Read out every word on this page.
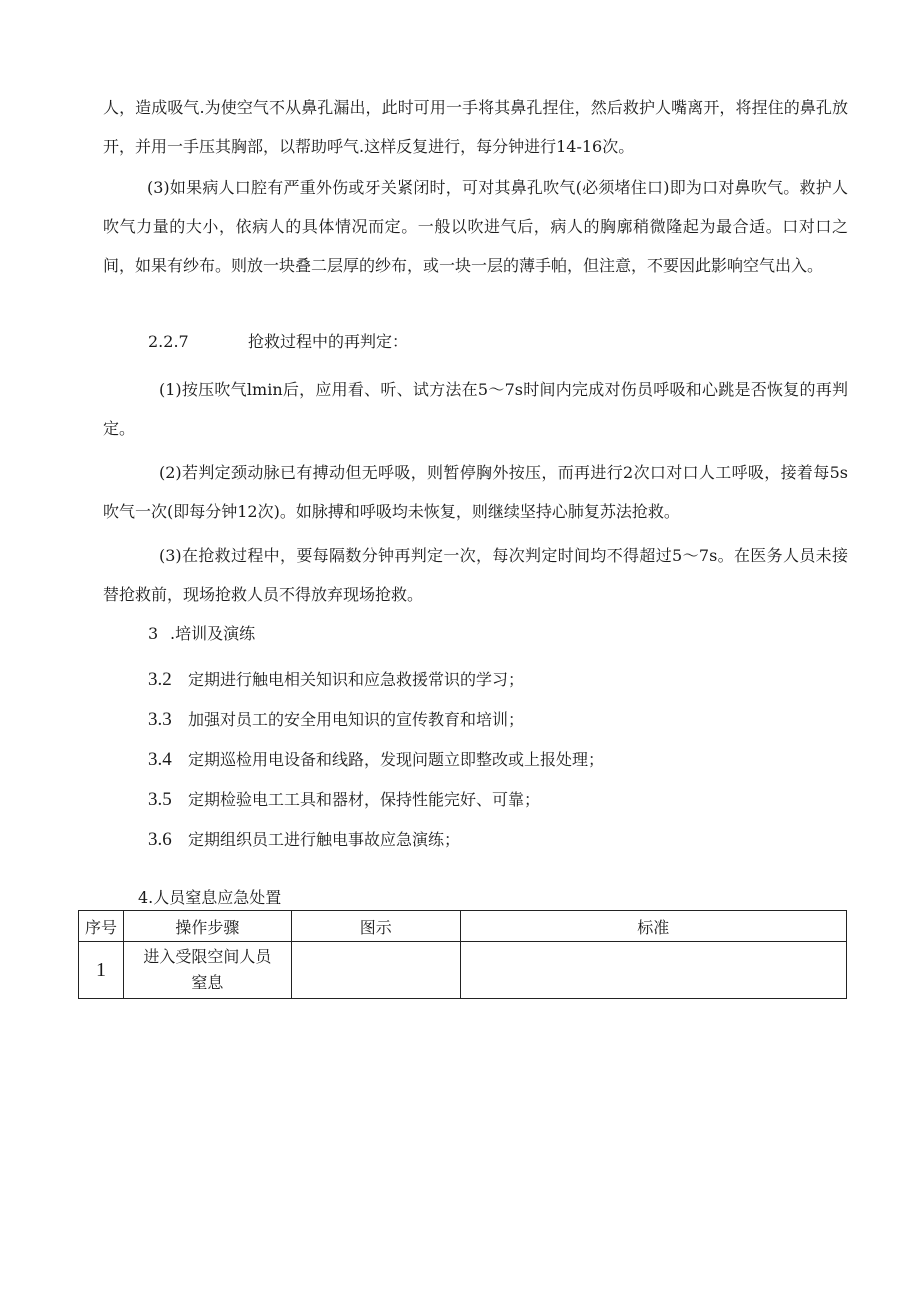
人，造成吸气.为使空气不从鼻孔漏出，此时可用一手将其鼻孔捏住，然后救护人嘴离开，将捏住的鼻孔放开，并用一手压其胸部，以帮助呼气.这样反复进行，每分钟进行14-16次。

(3)如果病人口腔有严重外伤或牙关紧闭时，可对其鼻孔吹气(必须堵住口)即为口对鼻吹气。救护人吹气力量的大小，依病人的具体情况而定。一般以吹进气后，病人的胸廓稍微隆起为最合适。口对口之间，如果有纱布。则放一块叠二层厚的纱布，或一块一层的薄手帕，但注意，不要因此影响空气出入。

2.2.7	抢救过程中的再判定：

(1)按压吹气lmin后，应用看、听、试方法在5～7s时间内完成对伤员呼吸和心跳是否恢复的再判定。

(2)若判定颈动脉已有搏动但无呼吸，则暂停胸外按压，而再进行2次口对口人工呼吸，接着每5s吹气一次(即每分钟12次)。如脉搏和呼吸均未恢复，则继续坚持心肺复苏法抢救。

(3)在抢救过程中，要每隔数分钟再判定一次，每次判定时间均不得超过5～7s。在医务人员未接替抢救前，现场抢救人员不得放弃现场抢救。

3 .培训及演练
3.2 定期进行触电相关知识和应急救援常识的学习；
3.3 加强对员工的安全用电知识的宣传教育和培训；
3.4 定期巡检用电设备和线路，发现问题立即整改或上报处理；
3.5 定期检验电工工具和器材，保持性能完好、可靠；
3.6 定期组织员工进行触电事故应急演练；
4.人员窒息应急处置
序号	操作步骤	图示	标准
1	进入受限空间人员窒息		
